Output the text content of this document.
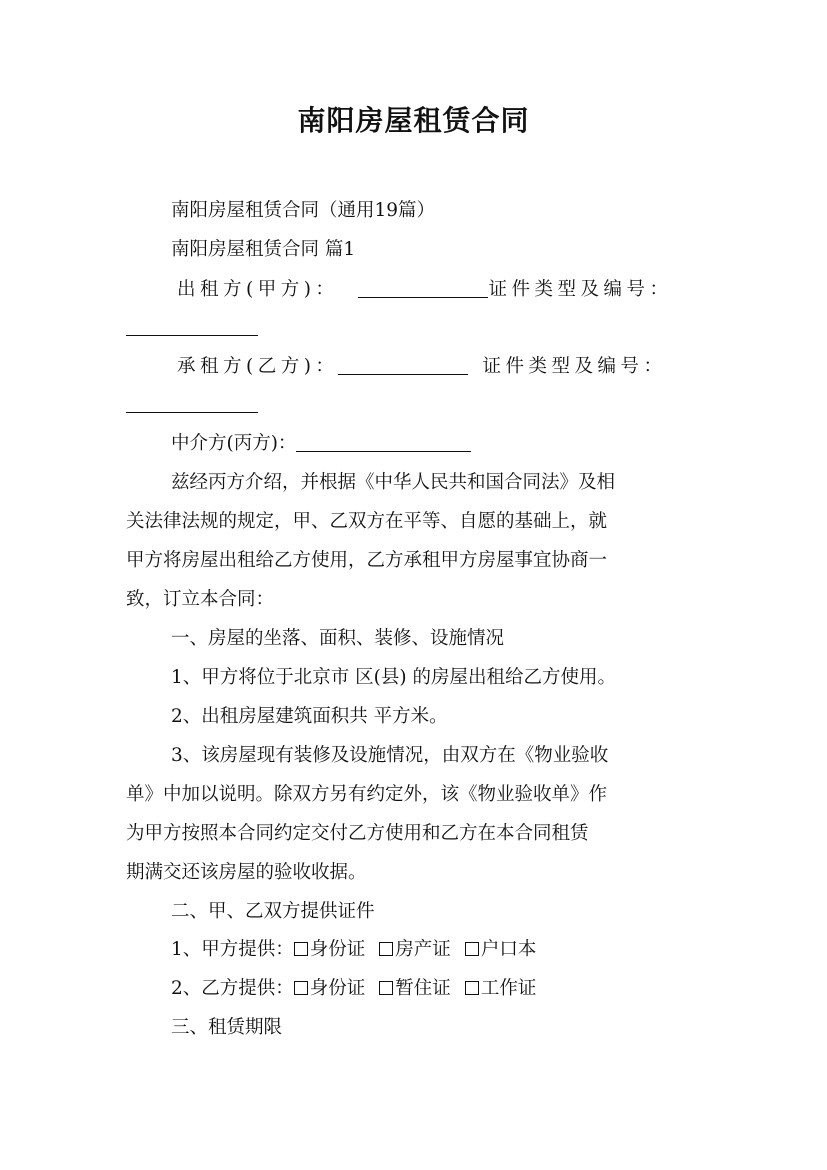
南阳房屋租赁合同
南阳房屋租赁合同（通用19篇）
南阳房屋租赁合同 篇1
出租方(甲方)：	证件类型及编号：
承租方(乙方)：	证件类型及编号：
中介方(丙方)：
兹经丙方介绍，并根据《中华人民共和国合同法》及相
关法律法规的规定，甲、乙双方在平等、自愿的基础上，就
甲方将房屋出租给乙方使用，乙方承租甲方房屋事宜协商一
致，订立本合同：
一、房屋的坐落、面积、装修、设施情况
1、甲方将位于北京市 区(县) 的房屋出租给乙方使用。
2、出租房屋建筑面积共 平方米。
3、该房屋现有装修及设施情况，由双方在《物业验收
单》中加以说明。除双方另有约定外，该《物业验收单》作
为甲方按照本合同约定交付乙方使用和乙方在本合同租赁
期满交还该房屋的验收收据。
二、甲、乙双方提供证件
1、甲方提供： 身份证 房产证 户口本
2、乙方提供： 身份证 暂住证 工作证
三、租赁期限
